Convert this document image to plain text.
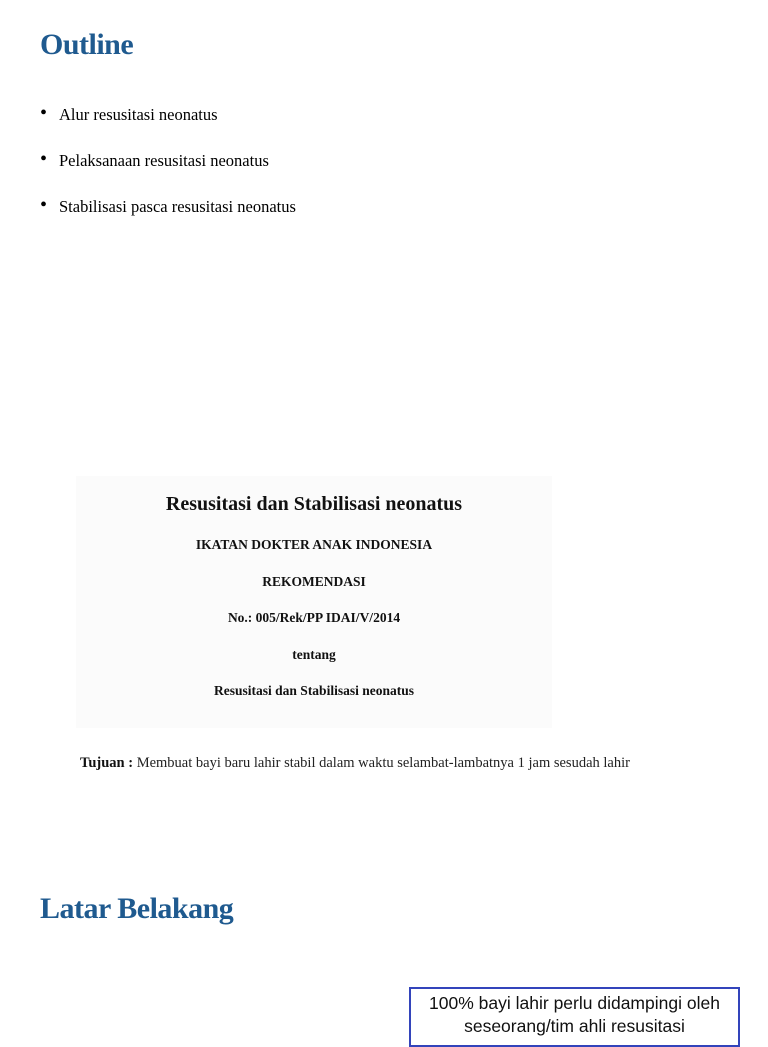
Outline
• Alur resusitasi neonatus
• Pelaksanaan resusitasi neonatus
• Stabilisasi pasca resusitasi neonatus
Resusitasi dan Stabilisasi neonatus
IKATAN DOKTER ANAK INDONESIA
REKOMENDASI
No.: 005/Rek/PP IDAI/V/2014
tentang
Resusitasi dan Stabilisasi neonatus
Tujuan : Membuat bayi baru lahir stabil dalam waktu selambat-lambatnya 1 jam sesudah lahir
Latar Belakang
100% bayi lahir perlu didampingi oleh seseorang/tim ahli resusitasi
